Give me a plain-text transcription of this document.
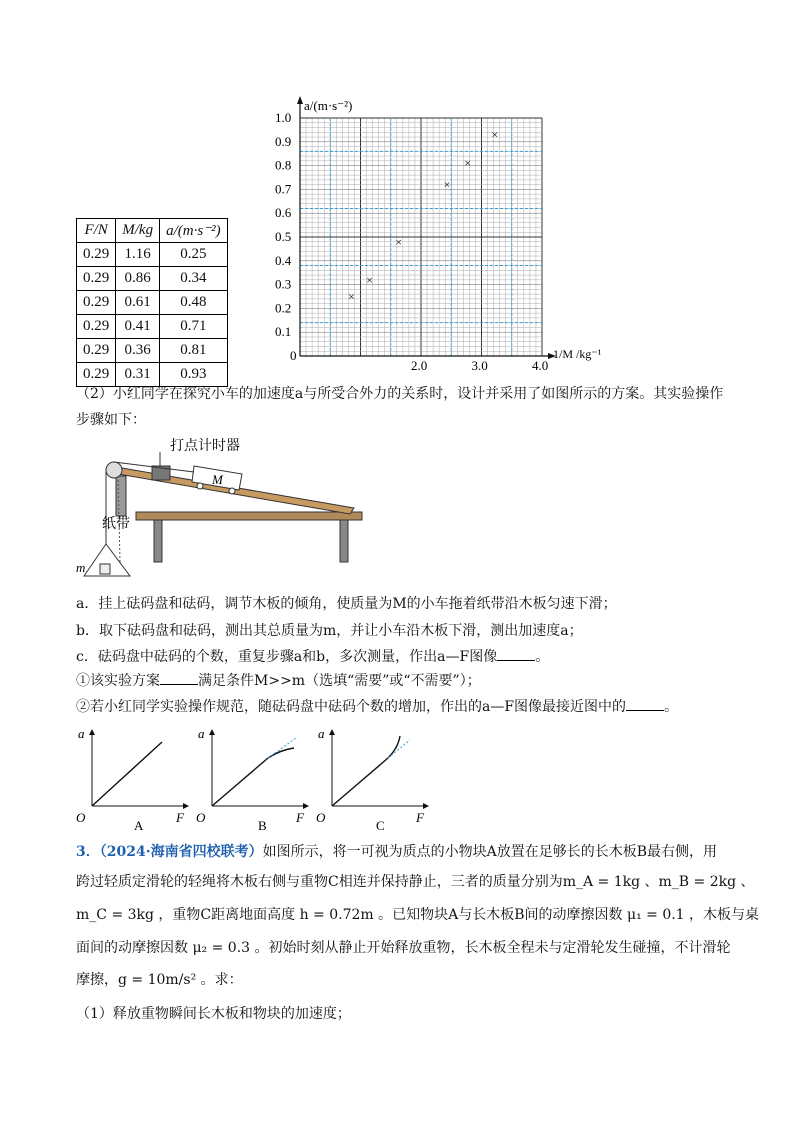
F/N	M/kg	a/(m·s⁻²)
0.29	1.16	0.25
0.29	0.86	0.34
0.29	0.61	0.48
0.29	0.41	0.71
0.29	0.36	0.81
0.29	0.31	0.93
0.1
0.2
0.3
0.4
0.5
0.6
0.7
0.8
0.9
1.0
2.0	3.0	4.0
×
×
×
×
×
×
a/(m·s⁻²)
1/M /kg⁻¹
0
（2）小红同学在探究小车的加速度a与所受合外力的关系时，设计并采用了如图所示的方案。其实验操作
步骤如下：
打点计时器
M
纸带
m
a．挂上砝码盘和砝码，调节木板的倾角，使质量为M的小车拖着纸带沿木板匀速下滑；
b．取下砝码盘和砝码，测出其总质量为m，并让小车沿木板下滑，测出加速度a；
c．砝码盘中砝码的个数，重复步骤a和b，多次测量，作出a—F图像	。
①该实验方案	满足条件M>>m（选填“需要”或“不需要”）；
②若小红同学实验操作规范，随砝码盘中砝码个数的增加，作出的a—F图像最接近图中的	。
a
F
O
A
a
F
O
B
a
F
O
C
3．（2024·海南省四校联考）如图所示，将一可视为质点的小物块A放置在足够长的长木板B最右侧，用
跨过轻质定滑轮的轻绳将木板右侧与重物C相连并保持静止，三者的质量分别为m_A = 1kg 、m_B = 2kg 、
m_C = 3kg ，重物C距离地面高度 h = 0.72m 。已知物块A与长木板B间的动摩擦因数 μ₁ = 0.1 ，木板与桌
面间的动摩擦因数 μ₂ = 0.3 。初始时刻从静止开始释放重物，长木板全程未与定滑轮发生碰撞，不计滑轮
摩擦，g = 10m/s² 。求：
（1）释放重物瞬间长木板和物块的加速度；
